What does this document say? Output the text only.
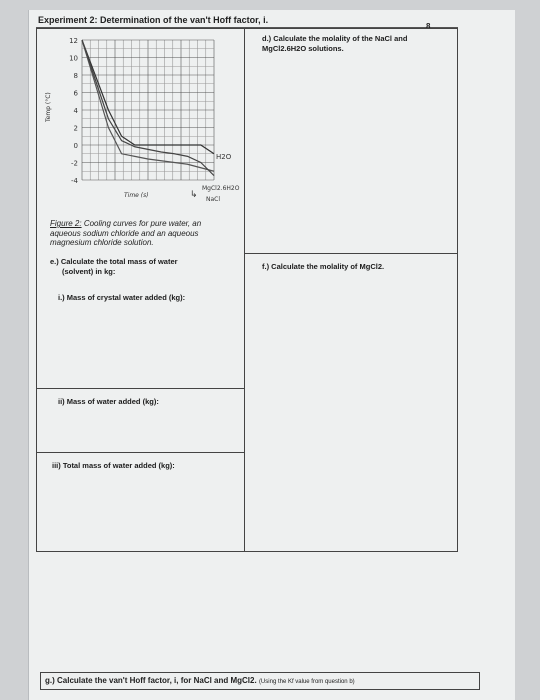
Experiment 2: Determination of the van't Hoff factor, i.
8
d.) Calculate the molality of the NaCl and MgCl2.6H2O solutions.
12
10
8
6
4
2
0
-2
-4
Temp (°C)
Time (s)
H2O
MgCl2.6H2O
NaCl
↳
Figure 2: Cooling curves for pure water, an
aqueous sodium chloride and an aqueous
magnesium chloride solution.
e.) Calculate the total mass of water
(solvent) in kg:
i.) Mass of crystal water added (kg):
ii) Mass of water added (kg):
iii) Total mass of water added (kg):
f.) Calculate the molality of MgCl2.
g.) Calculate the van't Hoff factor, i, for NaCl and MgCl2. (Using the Kf value from question b)
